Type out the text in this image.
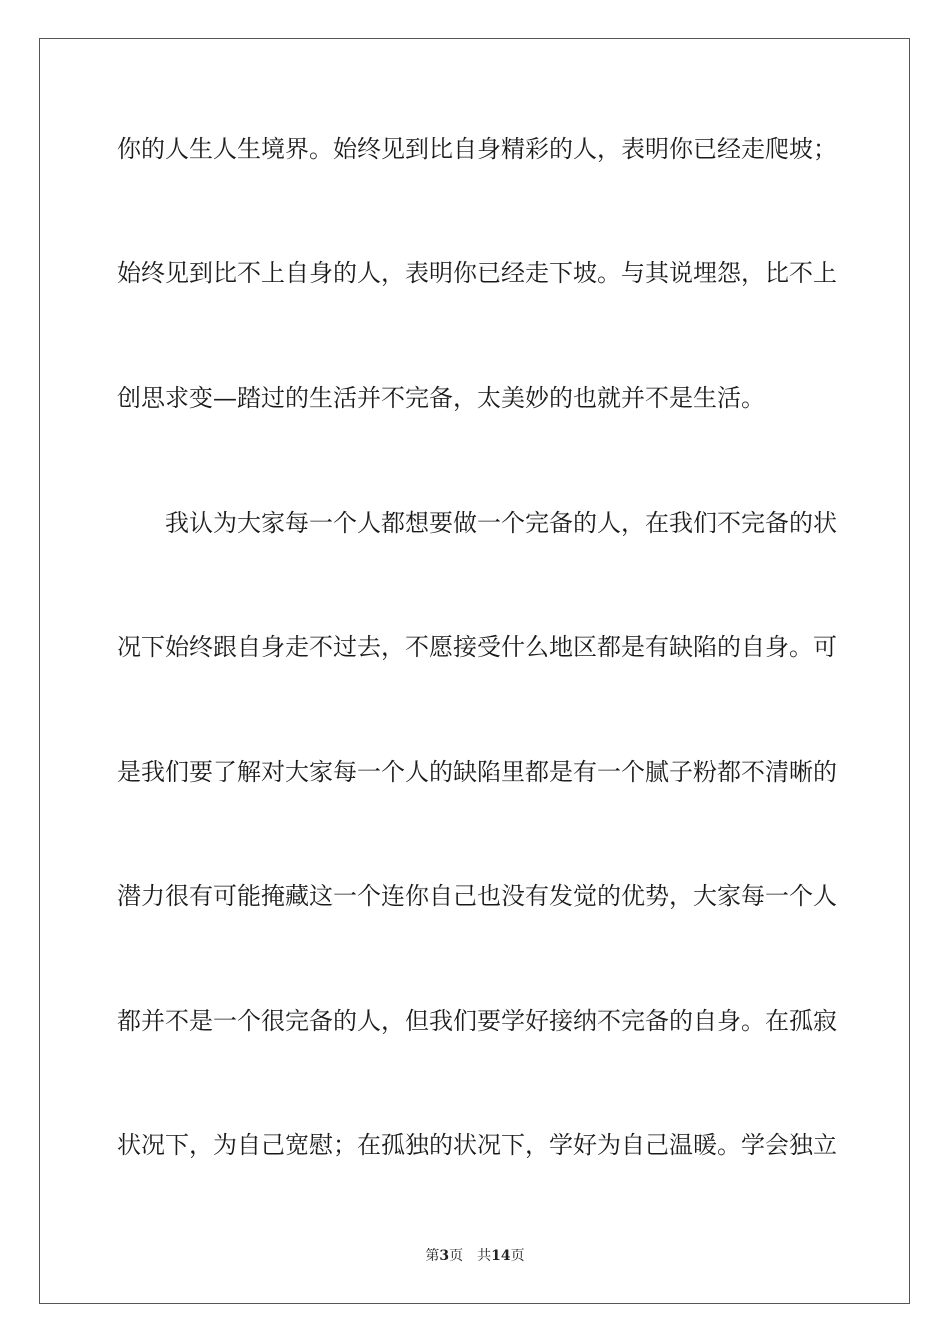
你的人生人生境界。始终见到比自身精彩的人，表明你已经走爬坡；
始终见到比不上自身的人，表明你已经走下坡。与其说埋怨，比不上
创思求变—踏过的生活并不完备，太美妙的也就并不是生活。
我认为大家每一个人都想要做一个完备的人，在我们不完备的状
况下始终跟自身走不过去，不愿接受什么地区都是有缺陷的自身。可
是我们要了解对大家每一个人的缺陷里都是有一个腻子粉都不清晰的
潜力很有可能掩藏这一个连你自己也没有发觉的优势，大家每一个人
都并不是一个很完备的人，但我们要学好接纳不完备的自身。在孤寂
状况下，为自己宽慰；在孤独的状况下，学好为自己温暖。学会独立
第3页 共14页
